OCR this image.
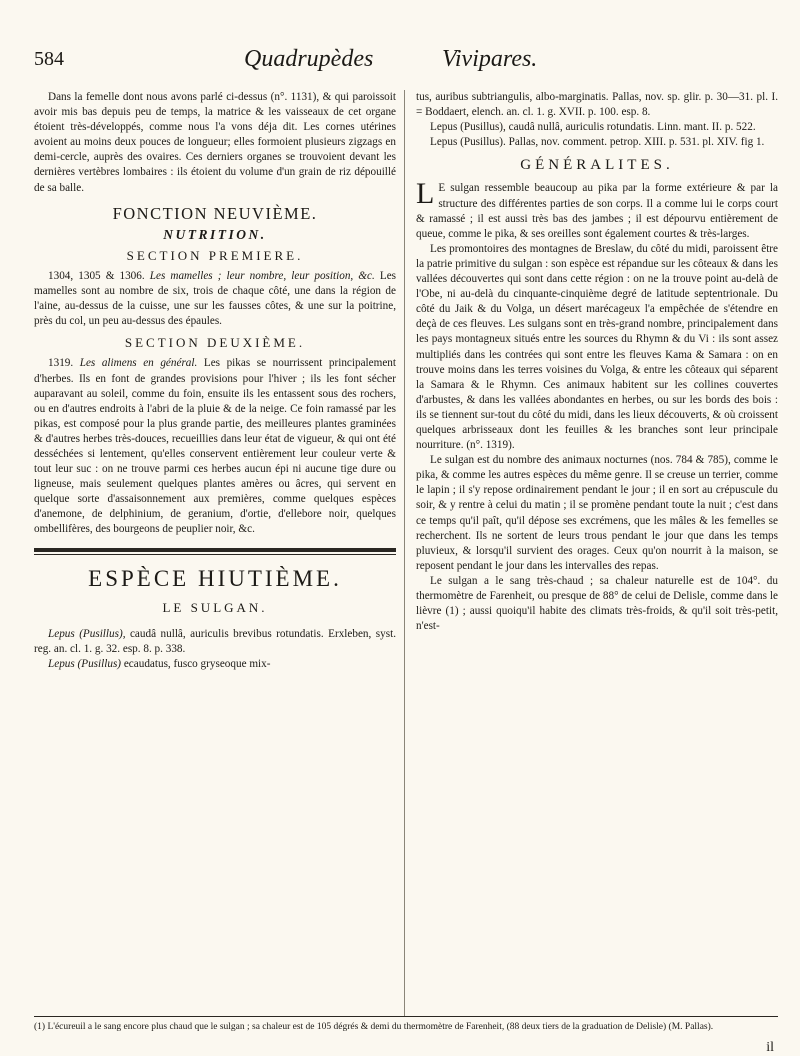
584	Quadrupèdes	Vivipares.

Dans la femelle dont nous avons parlé ci-dessus (n°. 1131), & qui paroissoit avoir mis bas depuis peu de temps, la matrice & les vaisseaux de cet organe étoient très-développés, comme nous l'a vons déja dit. Les cornes utérines avoient au moins deux pouces de longueur; elles formoient plusieurs zigzags en demi-cercle, auprès des ovaires. Ces derniers organes se trouvoient devant les dernières vertèbres lombaires : ils étoient du volume d'un grain de riz dépouillé de sa balle.

FONCTION NEUVIÈME.

NUTRITION.

SECTION PREMIERE.

1304, 1305 & 1306. Les mamelles ; leur nombre, leur position, &c. Les mamelles sont au nombre de six, trois de chaque côté, une dans la région de l'aine, au-dessus de la cuisse, une sur les fausses côtes, & une sur la poitrine, près du col, un peu au-dessus des épaules.

SECTION DEUXIÈME.

1319. Les alimens en général. Les pikas se nourrissent principalement d'herbes. Ils en font de grandes provisions pour l'hiver ; ils les font sécher auparavant au soleil, comme du foin, ensuite ils les entassent sous des rochers, ou en d'autres endroits à l'abri de la pluie & de la neige. Ce foin ramassé par les pikas, est composé pour la plus grande partie, des meilleures plantes graminées & d'autres herbes très-douces, recueillies dans leur état de vigueur, & qui ont été desséchées si lentement, qu'elles conservent entièrement leur couleur verte & tout leur suc : on ne trouve parmi ces herbes aucun épi ni aucune tige dure ou ligneuse, mais seulement quelques plantes amères ou âcres, qui servent en quelque sorte d'assaisonnement aux premières, comme quelques espèces d'anemone, de delphinium, de geranium, d'ortie, d'ellebore noir, quelques ombellifères, des bourgeons de peuplier noir, &c.

ESPÈCE HIUTIÈME.

LE SULGAN.

Lepus (Pusillus), caudâ nullâ, auriculis brevibus rotundatis. Erxleben, syst. reg. an. cl. 1. g. 32. esp. 8. p. 338.

Lepus (Pusillus) ecaudatus, fusco gryseoque mix-

tus, auribus subtriangulis, albo-marginatis. Pallas, nov. sp. glir. p. 30—31. pl. I. = Boddaert, elench. an. cl. 1. g. XVII. p. 100. esp. 8.

Lepus (Pusillus), caudâ nullâ, auriculis rotundatis. Linn. mant. II. p. 522.

Lepus (Pusillus). Pallas, nov. comment. petrop. XIII. p. 531. pl. XIV. fig 1.

GÉNÉRALITES.

L E sulgan ressemble beaucoup au pika par la forme extérieure & par la structure des différentes parties de son corps. Il a comme lui le corps court & ramassé ; il est aussi très bas des jambes ; il est dépourvu entièrement de queue, comme le pika, & ses oreilles sont également courtes & très-larges.

Les promontoires des montagnes de Breslaw, du côté du midi, paroissent être la patrie primitive du sulgan : son espèce est répandue sur les côteaux & dans les vallées découvertes qui sont dans cette région : on ne la trouve point au-delà de l'Obe, ni au-delà du cinquante-cinquième degré de latitude septentrionale. Du côté du Jaik & du Volga, un désert marécageux l'a empêchée de s'étendre en deçà de ces fleuves. Les sulgans sont en très-grand nombre, principalement dans les pays montagneux situés entre les sources du Rhymn & du Vi : ils sont assez multipliés dans les contrées qui sont entre les fleuves Kama & Samara : on en trouve moins dans les terres voisines du Volga, & entre les côteaux qui séparent la Samara & le Rhymn. Ces animaux habitent sur les collines couvertes d'arbustes, & dans les vallées abondantes en herbes, ou sur les bords des bois : ils se tiennent sur-tout du côté du midi, dans les lieux découverts, & où croissent quelques arbrisseaux dont les feuilles & les branches sont leur principale nourriture. (n°. 1319).

Le sulgan est du nombre des animaux nocturnes (nos. 784 & 785), comme le pika, & comme les autres espèces du même genre. Il se creuse un terrier, comme le lapin ; il s'y repose ordinairement pendant le jour ; il en sort au crépuscule du soir, & y rentre à celui du matin ; il se promène pendant toute la nuit ; c'est dans ce temps qu'il paît, qu'il dépose ses excrémens, que les mâles & les femelles se recherchent. Ils ne sortent de leurs trous pendant le jour que dans les temps pluvieux, & lorsqu'il survient des orages. Ceux qu'on nourrit à la maison, se reposent pendant le jour dans les intervalles des repas.

Le sulgan a le sang très-chaud ; sa chaleur naturelle est de 104°. du thermomètre de Farenheit, ou presque de 88° de celui de Delisle, comme dans le lièvre (1) ; aussi quoiqu'il habite des climats très-froids, & qu'il soit très-petit, n'est-

(1) L'écureuil a le sang encore plus chaud que le sulgan ; sa chaleur est de 105 dégrés & demi du thermomètre de Farenheit, (88 deux tiers de la graduation de Delisle) (M. Pallas).
il
